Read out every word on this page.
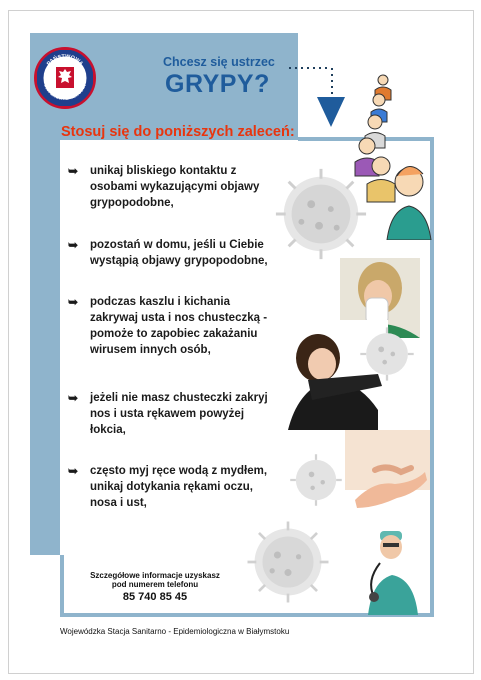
PAŃSTWOWA
INSPEKCJA SANITARNA
Chcesz się ustrzec
GRYPY?
Stosuj się do poniższych zaleceń:
➥	unikaj bliskiego kontaktu z osobami wykazującymi objawy grypopodobne,
➥	pozostań w domu, jeśli u Ciebie wystąpią objawy grypopodobne,
➥	podczas kaszlu i kichania zakrywaj usta i nos chusteczką - pomoże to zapobiec zakażaniu wirusem innych osób,
➥	jeżeli nie masz chusteczki zakryj nos i usta rękawem powyżej łokcia,
➥	często myj ręce wodą z mydłem, unikaj dotykania rękami oczu, nosa i ust,
Szczegółowe informacje uzyskasz
pod numerem telefonu
85 740 85 45
Wojewódzka Stacja Sanitarno - Epidemiologiczna w Białymstoku
